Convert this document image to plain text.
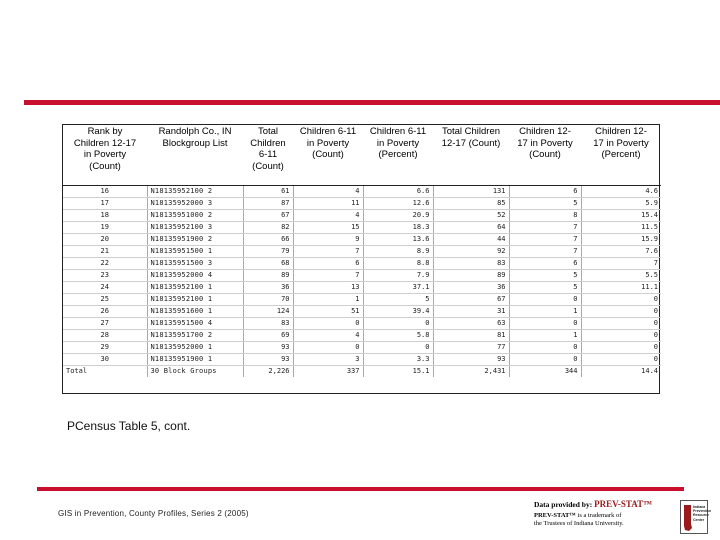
Rank by
Children 12-17
in Poverty
(Count)	Randolph Co., IN
Blockgroup List	Total
Children
6-11
(Count)	Children 6-11
in Poverty
(Count)	Children 6-11
in Poverty
(Percent)	Total Children
12-17 (Count)	Children 12-
17 in Poverty
(Count)	Children 12-
17 in Poverty
(Percent)
16	N18135952100 2	61	4	6.6	131	6	4.6
17	N18135952000 3	87	11	12.6	85	5	5.9
18	N18135951000 2	67	4	20.9	52	8	15.4
19	N18135952100 3	82	15	18.3	64	7	11.5
20	N18135951900 2	66	9	13.6	44	7	15.9
21	N18135951500 1	79	7	8.9	92	7	7.6
22	N18135951500 3	68	6	8.8	83	6	7
23	N18135952000 4	89	7	7.9	89	5	5.5
24	N18135952100 1	36	13	37.1	36	5	11.1
25	N18135952100 1	70	1	5	67	0	0
26	N18135951600 1	124	51	39.4	31	1	0
27	N18135951500 4	83	0	0	63	0	0
28	N18135951700 2	69	4	5.8	81	1	0
29	N18135952000 1	93	0	0	77	0	0
30	N18135951900 1	93	3	3.3	93	0	0
Total	30 Block Groups	2,226	337	15.1	2,431	344	14.4
PCensus Table 5, cont.
GIS in Prevention, County Profiles, Series 2 (2005)
Data provided by: PREV-STAT™
PREV-STAT™ is a trademark of
the Trustees of Indiana University.
Indiana
Prevention
Resource
Center
